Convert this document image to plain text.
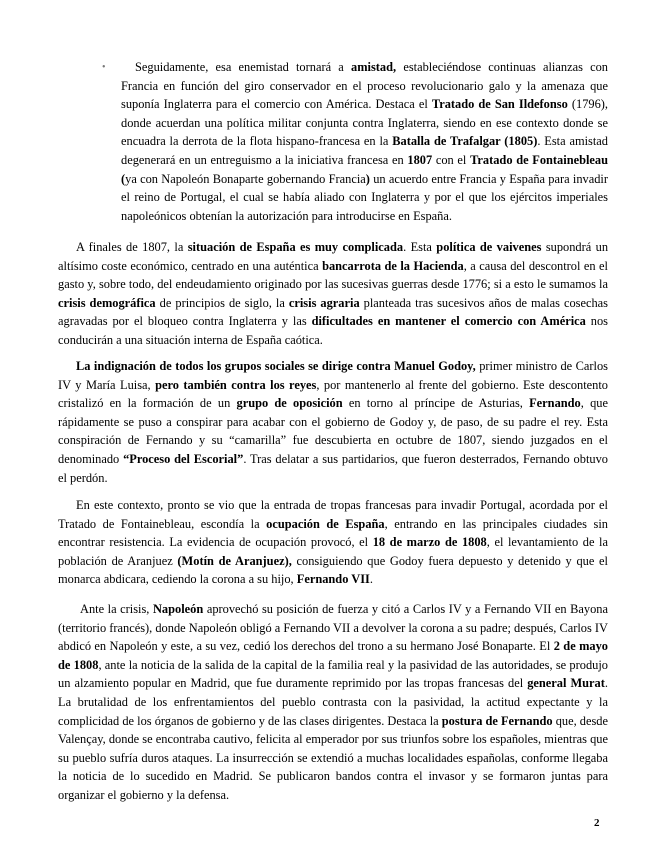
•	Seguidamente, esa enemistad tornará a amistad, estableciéndose continuas alianzas con Francia en función del giro conservador en el proceso revolucionario galo y la amenaza que suponía Inglaterra para el comercio con América. Destaca el Tratado de San Ildefonso (1796), donde acuerdan una política militar conjunta contra Inglaterra, siendo en ese contexto donde se encuadra la derrota de la flota hispano-francesa en la Batalla de Trafalgar (1805). Esta amistad degenerará en un entreguismo a la iniciativa francesa en 1807 con el Tratado de Fontainebleau (ya con Napoleón Bonaparte gobernando Francia) un acuerdo entre Francia y España para invadir el reino de Portugal, el cual se había aliado con Inglaterra y por el que los ejércitos imperiales napoleónicos obtenían la autorización para introducirse en España.

A finales de 1807, la situación de España es muy complicada. Esta política de vaivenes supondrá un altísimo coste económico, centrado en una auténtica bancarrota de la Hacienda, a causa del descontrol en el gasto y, sobre todo, del endeudamiento originado por las sucesivas guerras desde 1776; si a esto le sumamos la crisis demográfica de principios de siglo, la crisis agraria planteada tras sucesivos años de malas cosechas agravadas por el bloqueo contra Inglaterra y las dificultades en mantener el comercio con América nos conducirán a una situación interna de España caótica.

La indignación de todos los grupos sociales se dirige contra Manuel Godoy, primer ministro de Carlos IV y María Luisa, pero también contra los reyes, por mantenerlo al frente del gobierno. Este descontento cristalizó en la formación de un grupo de oposición en torno al príncipe de Asturias, Fernando, que rápidamente se puso a conspirar para acabar con el gobierno de Godoy y, de paso, de su padre el rey. Esta conspiración de Fernando y su “camarilla” fue descubierta en octubre de 1807, siendo juzgados en el denominado “Proceso del Escorial”. Tras delatar a sus partidarios, que fueron desterrados, Fernando obtuvo el perdón.

En este contexto, pronto se vio que la entrada de tropas francesas para invadir Portugal, acordada por el Tratado de Fontainebleau, escondía la ocupación de España, entrando en las principales ciudades sin encontrar resistencia. La evidencia de ocupación provocó, el 18 de marzo de 1808, el levantamiento de la población de Aranjuez (Motín de Aranjuez), consiguiendo que Godoy fuera depuesto y detenido y que el monarca abdicara, cediendo la corona a su hijo, Fernando VII.

Ante la crisis, Napoleón aprovechó su posición de fuerza y citó a Carlos IV y a Fernando VII en Bayona (territorio francés), donde Napoleón obligó a Fernando VII a devolver la corona a su padre; después, Carlos IV abdicó en Napoleón y este, a su vez, cedió los derechos del trono a su hermano José Bonaparte. El 2 de mayo de 1808, ante la noticia de la salida de la capital de la familia real y la pasividad de las autoridades, se produjo un alzamiento popular en Madrid, que fue duramente reprimido por las tropas francesas del general Murat. La brutalidad de los enfrentamientos del pueblo contrasta con la pasividad, la actitud expectante y la complicidad de los órganos de gobierno y de las clases dirigentes. Destaca la postura de Fernando que, desde Valençay, donde se encontraba cautivo, felicita al emperador por sus triunfos sobre los españoles, mientras que su pueblo sufría duros ataques. La insurrección se extendió a muchas localidades españolas, conforme llegaba la noticia de lo sucedido en Madrid. Se publicaron bandos contra el invasor y se formaron juntas para organizar el gobierno y la defensa.

2
